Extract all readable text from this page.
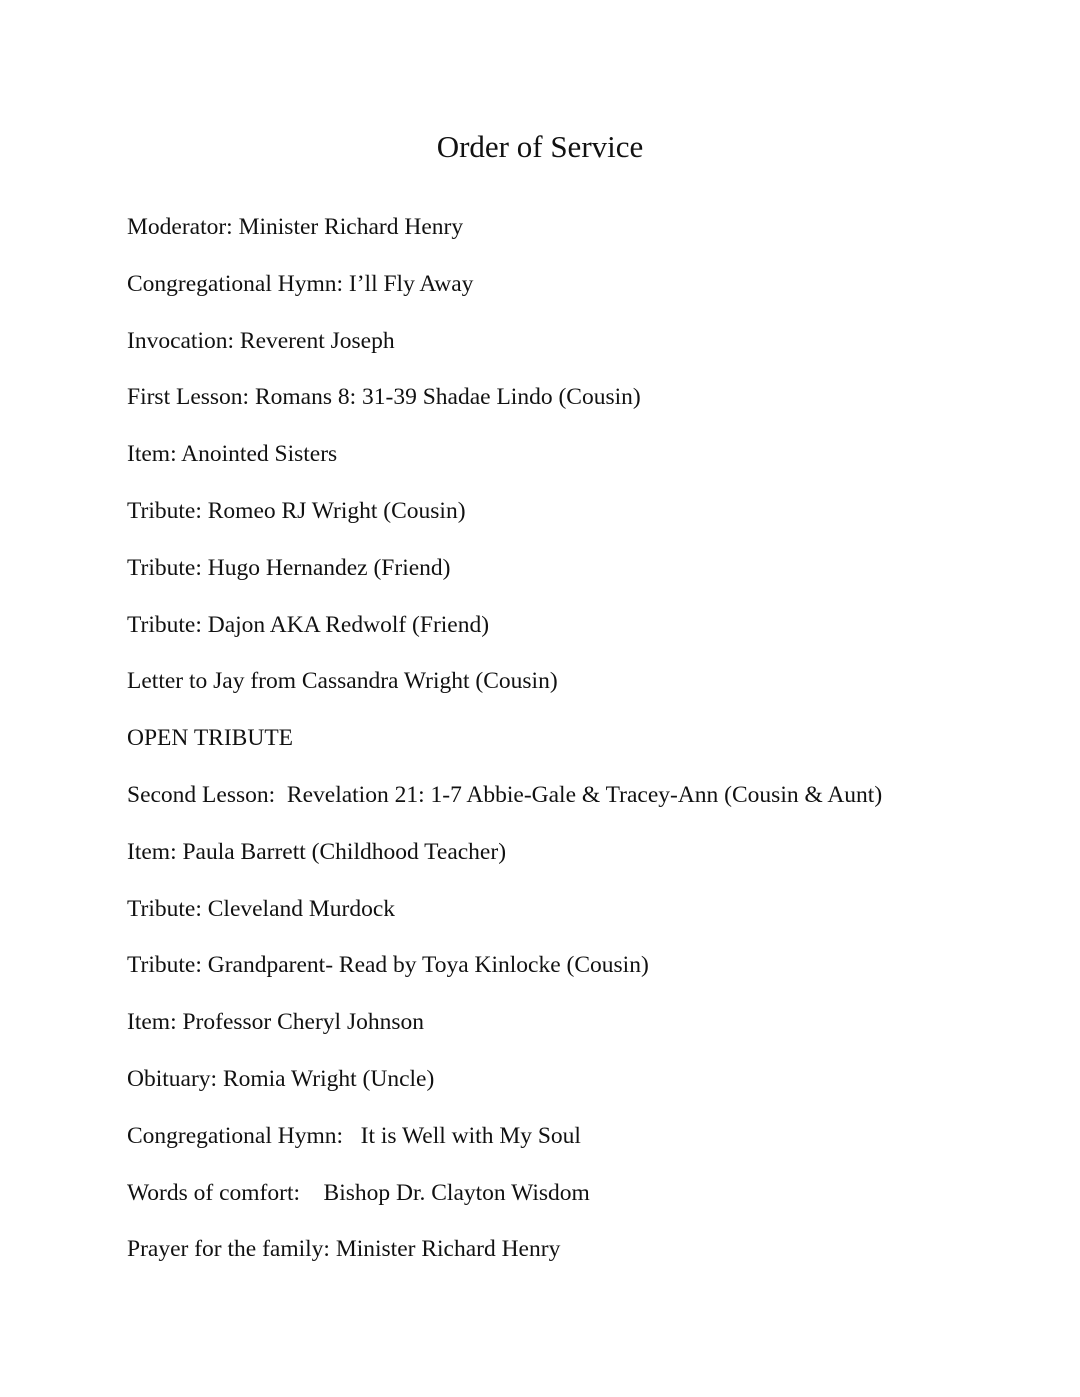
Order of Service
Moderator: Minister Richard Henry
Congregational Hymn: I’ll Fly Away
Invocation: Reverent Joseph
First Lesson: Romans 8: 31-39 Shadae Lindo (Cousin)
Item: Anointed Sisters
Tribute: Romeo RJ Wright (Cousin)
Tribute: Hugo Hernandez (Friend)
Tribute: Dajon AKA Redwolf (Friend)
Letter to Jay from Cassandra Wright (Cousin)
OPEN TRIBUTE
Second Lesson:  Revelation 21: 1-7 Abbie-Gale & Tracey-Ann (Cousin & Aunt)
Item: Paula Barrett (Childhood Teacher)
Tribute: Cleveland Murdock
Tribute: Grandparent- Read by Toya Kinlocke (Cousin)
Item: Professor Cheryl Johnson
Obituary: Romia Wright (Uncle)
Congregational Hymn:   It is Well with My Soul
Words of comfort:    Bishop Dr. Clayton Wisdom
Prayer for the family: Minister Richard Henry
